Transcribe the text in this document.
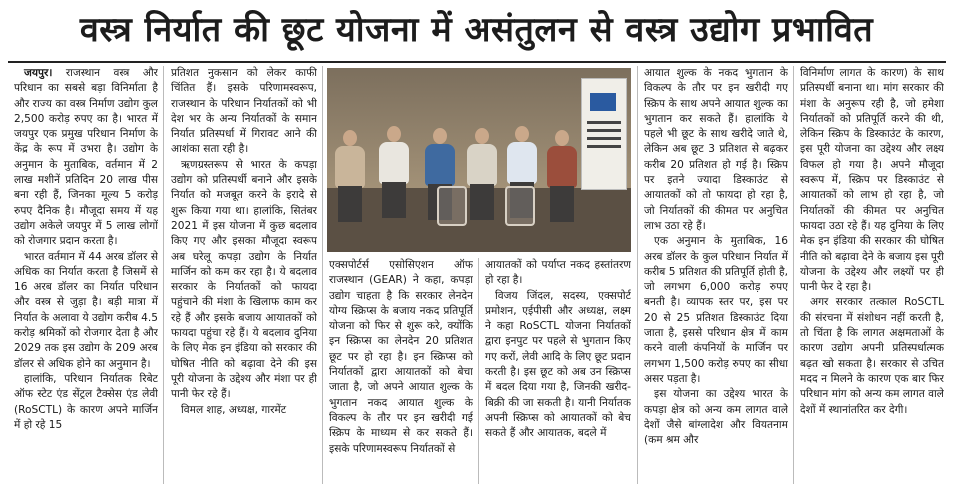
वस्त्र निर्यात की छूट योजना में असंतुलन से वस्त्र उद्योग प्रभावित

जयपुर। राजस्थान वस्त्र और परिधान का सबसे बड़ा विनिर्माता है और राज्य का वस्त्र निर्माण उद्योग कुल 2,500 करोड़ रुपए का है। भारत में जयपुर एक प्रमुख परिधान निर्माण के केंद्र के रूप में उभरा है। उद्योग के अनुमान के मुताबिक, वर्तमान में 2 लाख मशीनें प्रतिदिन 20 लाख पीस बना रही हैं, जिनका मूल्य 5 करोड़ रुपए दैनिक है। मौजूदा समय में यह उद्योग अकेले जयपुर में 5 लाख लोगों को रोजगार प्रदान करता है।

भारत वर्तमान में 44 अरब डॉलर से अधिक का निर्यात करता है जिसमें से 16 अरब डॉलर का निर्यात परिधान और वस्त्र से जुड़ा है। बड़ी मात्रा में निर्यात के अलावा ये उद्योग करीब 4.5 करोड़ श्रमिकों को रोजगार देता है और 2029 तक इस उद्योग के 209 अरब डॉलर से अधिक होने का अनुमान है।

हालांकि, परिधान निर्यातक रिबेट ऑफ स्टेट एंड सेंट्रल टैक्सेस एंड लेवी (RoSCTL) के कारण अपने मार्जिन में हो रहे 15

प्रतिशत नुकसान को लेकर काफी चिंतित हैं। इसके परिणामस्वरूप, राजस्थान के परिधान निर्यातकों को भी देश भर के अन्य निर्यातकों के समान निर्यात प्रतिस्पर्धा में गिरावट आने की आशंका सता रही है।

ऋणग्रस्तरूप से भारत के कपड़ा उद्योग को प्रतिस्पर्धी बनाने और इसके निर्यात को मजबूत करने के इरादे से शुरू किया गया था। हालांकि, सितंबर 2021 में इस योजना में कुछ बदलाव किए गए और इसका मौजूदा स्वरूप अब घरेलू कपड़ा उद्योग के निर्यात मार्जिन को कम कर रहा है। ये बदलाव सरकार के निर्यातकों को फायदा पहुंचाने की मंशा के खिलाफ काम कर रहे हैं और इसके बजाय आयातकों को फायदा पहुंचा रहे हैं। ये बदलाव दुनिया के लिए मेक इन इंडिया को सरकार की घोषित नीति को बढ़ावा देने की इस पूरी योजना के उद्देश्य और मंशा पर ही पानी फेर रहे हैं।

विमल शाह, अध्यक्ष, गारमेंट

एक्सपोर्टर्स एसोसिएशन ऑफ राजस्थान (GEAR) ने कहा, कपड़ा उद्योग चाहता है कि सरकार लेनदेन योग्य स्क्रिप्स के बजाय नकद प्रतिपूर्ति योजना को फिर से शुरू करे, क्योंकि इन स्क्रिप्स का लेनदेन 20 प्रतिशत छूट पर हो रहा है। इन स्क्रिप्स को निर्यातकों द्वारा आयातकों को बेचा जाता है, जो अपने आयात शुल्क के भुगतान नकद आयात शुल्क के विकल्प के तौर पर इन खरीदी गई स्क्रिप के माध्यम से कर सकते हैं। इसके परिणामस्वरूप निर्यातकों से

आयातकों को पर्याप्त नकद हस्तांतरण हो रहा है।

विजय जिंदल, सदस्य, एक्सपोर्ट प्रमोशन, एईपीसी और अध्यक्ष, लक्ष्म ने कहा RoSCTL योजना निर्यातकों द्वारा इनपुट पर पहले से भुगतान किए गए करों, लेवी आदि के लिए छूट प्रदान करती है। इस छूट को अब उन स्क्रिप्स में बदल दिया गया है, जिनकी खरीद-बिक्री की जा सकती है। यानी निर्यातक अपनी स्क्रिप्स को आयातकों को बेच सकते हैं और आयातक, बदले में

आयात शुल्क के नकद भुगतान के विकल्प के तौर पर इन खरीदी गए स्क्रिप के साथ अपने आयात शुल्क का भुगतान कर सकते हैं। हालांकि ये पहले भी छूट के साथ खरीदे जाते थे, लेकिन अब छूट 3 प्रतिशत से बढ़कर करीब 20 प्रतिशत हो गई है। स्क्रिप पर इतने ज्यादा डिस्काउंट से आयातकों को तो फायदा हो रहा है, जो निर्यातकों की कीमत पर अनुचित लाभ उठा रहे हैं।

एक अनुमान के मुताबिक, 16 अरब डॉलर के कुल परिधान निर्यात में करीब 5 प्रतिशत की प्रतिपूर्ति होती है, जो लगभग 6,000 करोड़ रुपए बनती है। व्यापक स्तर पर, इस पर 20 से 25 प्रतिशत डिस्काउंट दिया जाता है, इससे परिधान क्षेत्र में काम करने वाली कंपनियों के मार्जिन पर लगभग 1,500 करोड़ रुपए का सीधा असर पड़ता है।

इस योजना का उद्देश्य भारत के कपड़ा क्षेत्र को अन्य कम लागत वाले देशों जैसे बांग्लादेश और वियतनाम (कम श्रम और

विनिर्माण लागत के कारण) के साथ प्रतिस्पर्धी बनाना था। मांग सरकार की मंशा के अनुरूप रही है, जो हमेशा निर्यातकों को प्रतिपूर्ति करने की थी, लेकिन स्क्रिप के डिस्काउंट के कारण, इस पूरी योजना का उद्देश्य और लक्ष्य विफल हो गया है। अपने मौजूदा स्वरूप में, स्क्रिप पर डिस्काउंट से आयातकों को लाभ हो रहा है, जो निर्यातकों की कीमत पर अनुचित फायदा उठा रहे हैं। यह दुनिया के लिए मेक इन इंडिया की सरकार की घोषित नीति को बढ़ावा देने के बजाय इस पूरी योजना के उद्देश्य और लक्ष्यों पर ही पानी फेर दे रहा है।

अगर सरकार तत्काल RoSCTL की संरचना में संशोधन नहीं करती है, तो चिंता है कि लागत अक्षमताओं के कारण उद्योग अपनी प्रतिस्पर्धात्मक बढ़त खो सकता है। सरकार से उचित मदद न मिलने के कारण एक बार फिर परिधान मांग को अन्य कम लागत वाले देशों में स्थानांतरित कर देगी।
